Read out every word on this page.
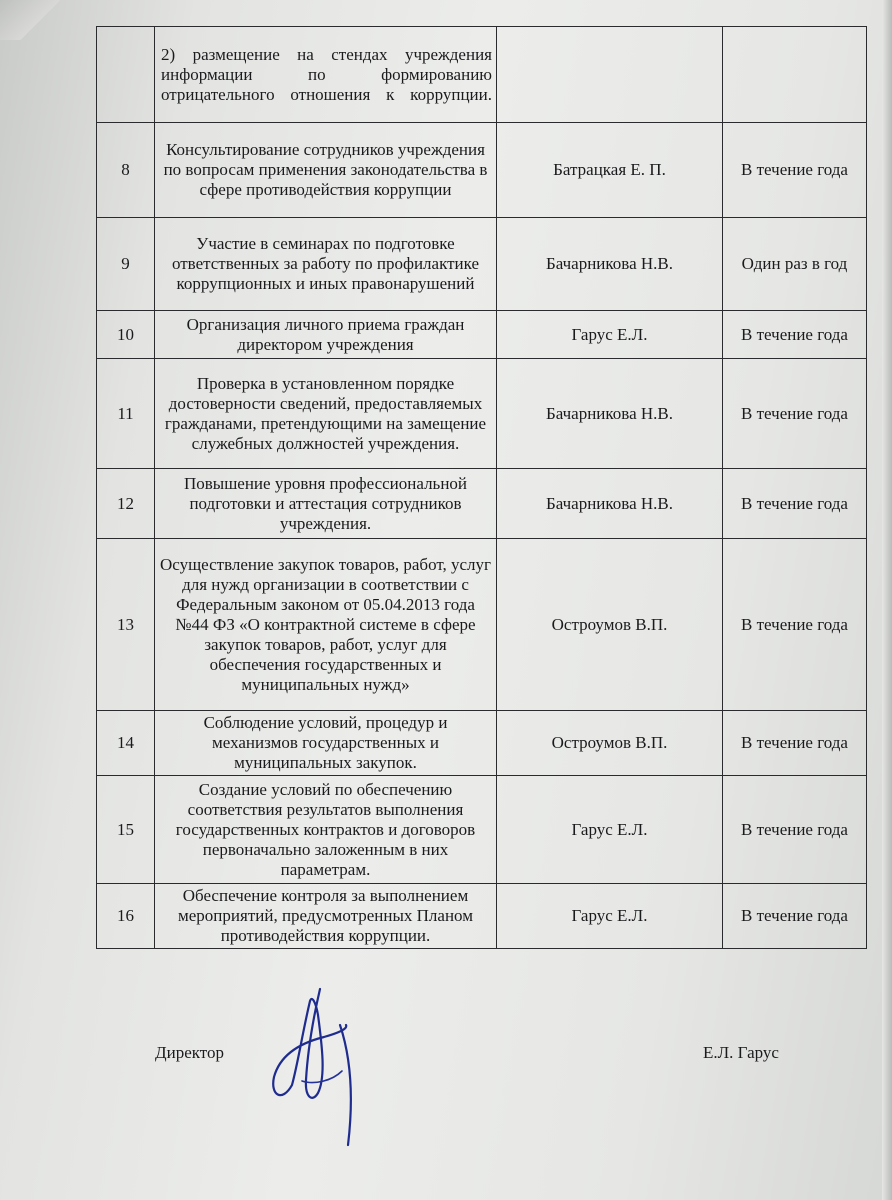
	2) размещение на стендах учреждения информации по формированию отрицательного отношения к коррупции.		
8	Консультирование сотрудников учреждения по вопросам применения законодательства в сфере противодействия коррупции	Батрацкая Е. П.	В течение года
9	Участие в семинарах по подготовке ответственных за работу по профилактике коррупционных и иных правонарушений	Бачарникова Н.В.	Один раз в год
10	Организация личного приема граждан директором учреждения	Гарус Е.Л.	В течение года
11	Проверка в установленном порядке достоверности сведений, предоставляемых гражданами, претендующими на замещение служебных должностей учреждения.	Бачарникова Н.В.	В течение года
12	Повышение уровня профессиональной подготовки и аттестация сотрудников учреждения.	Бачарникова Н.В.	В течение года
13	Осуществление закупок товаров, работ, услуг для нужд организации в соответствии с Федеральным законом от 05.04.2013 года №44 ФЗ «О контрактной системе в сфере закупок товаров, работ, услуг для обеспечения государственных и муниципальных нужд»	Остроумов В.П.	В течение года
14	Соблюдение условий, процедур и механизмов государственных и муниципальных закупок.	Остроумов В.П.	В течение года
15	Создание условий по обеспечению соответствия результатов выполнения государственных контрактов и договоров первоначально заложенным в них параметрам.	Гарус Е.Л.	В течение года
16	Обеспечение контроля за выполнением мероприятий, предусмотренных Планом противодействия коррупции.	Гарус Е.Л.	В течение года
Директор	Е.Л. Гарус
